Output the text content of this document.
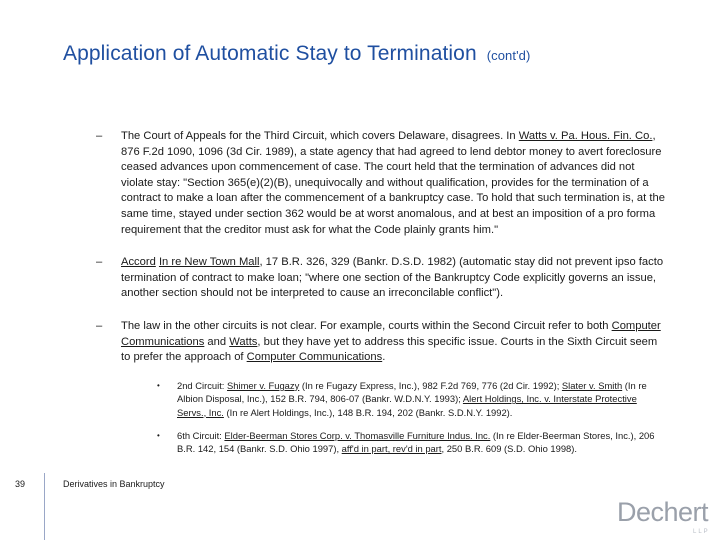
Application of Automatic Stay to Termination (cont'd)
– The Court of Appeals for the Third Circuit, which covers Delaware, disagrees. In Watts v. Pa. Hous. Fin. Co., 876 F.2d 1090, 1096 (3d Cir. 1989), a state agency that had agreed to lend debtor money to avert foreclosure ceased advances upon commencement of case. The court held that the termination of advances did not violate stay: "Section 365(e)(2)(B), unequivocally and without qualification, provides for the termination of a contract to make a loan after the commencement of a bankruptcy case. To hold that such termination is, at the same time, stayed under section 362 would be at worst anomalous, and at best an imposition of a pro forma requirement that the creditor must ask for what the Code plainly grants him."
– Accord In re New Town Mall, 17 B.R. 326, 329 (Bankr. D.S.D. 1982) (automatic stay did not prevent ipso facto termination of contract to make loan; "where one section of the Bankruptcy Code explicitly governs an issue, another section should not be interpreted to cause an irreconcilable conflict").
– The law in the other circuits is not clear. For example, courts within the Second Circuit refer to both Computer Communications and Watts, but they have yet to address this specific issue. Courts in the Sixth Circuit seem to prefer the approach of Computer Communications.
• 2nd Circuit: Shimer v. Fugazy (In re Fugazy Express, Inc.), 982 F.2d 769, 776 (2d Cir. 1992); Slater v. Smith (In re Albion Disposal, Inc.), 152 B.R. 794, 806-07 (Bankr. W.D.N.Y. 1993); Alert Holdings, Inc. v. Interstate Protective Servs., Inc. (In re Alert Holdings, Inc.), 148 B.R. 194, 202 (Bankr. S.D.N.Y. 1992).
• 6th Circuit: Elder-Beerman Stores Corp. v. Thomasville Furniture Indus. Inc. (In re Elder-Beerman Stores, Inc.), 206 B.R. 142, 154 (Bankr. S.D. Ohio 1997), aff'd in part, rev'd in part, 250 B.R. 609 (S.D. Ohio 1998).
39	Derivatives in Bankruptcy
Dechert
LLP
